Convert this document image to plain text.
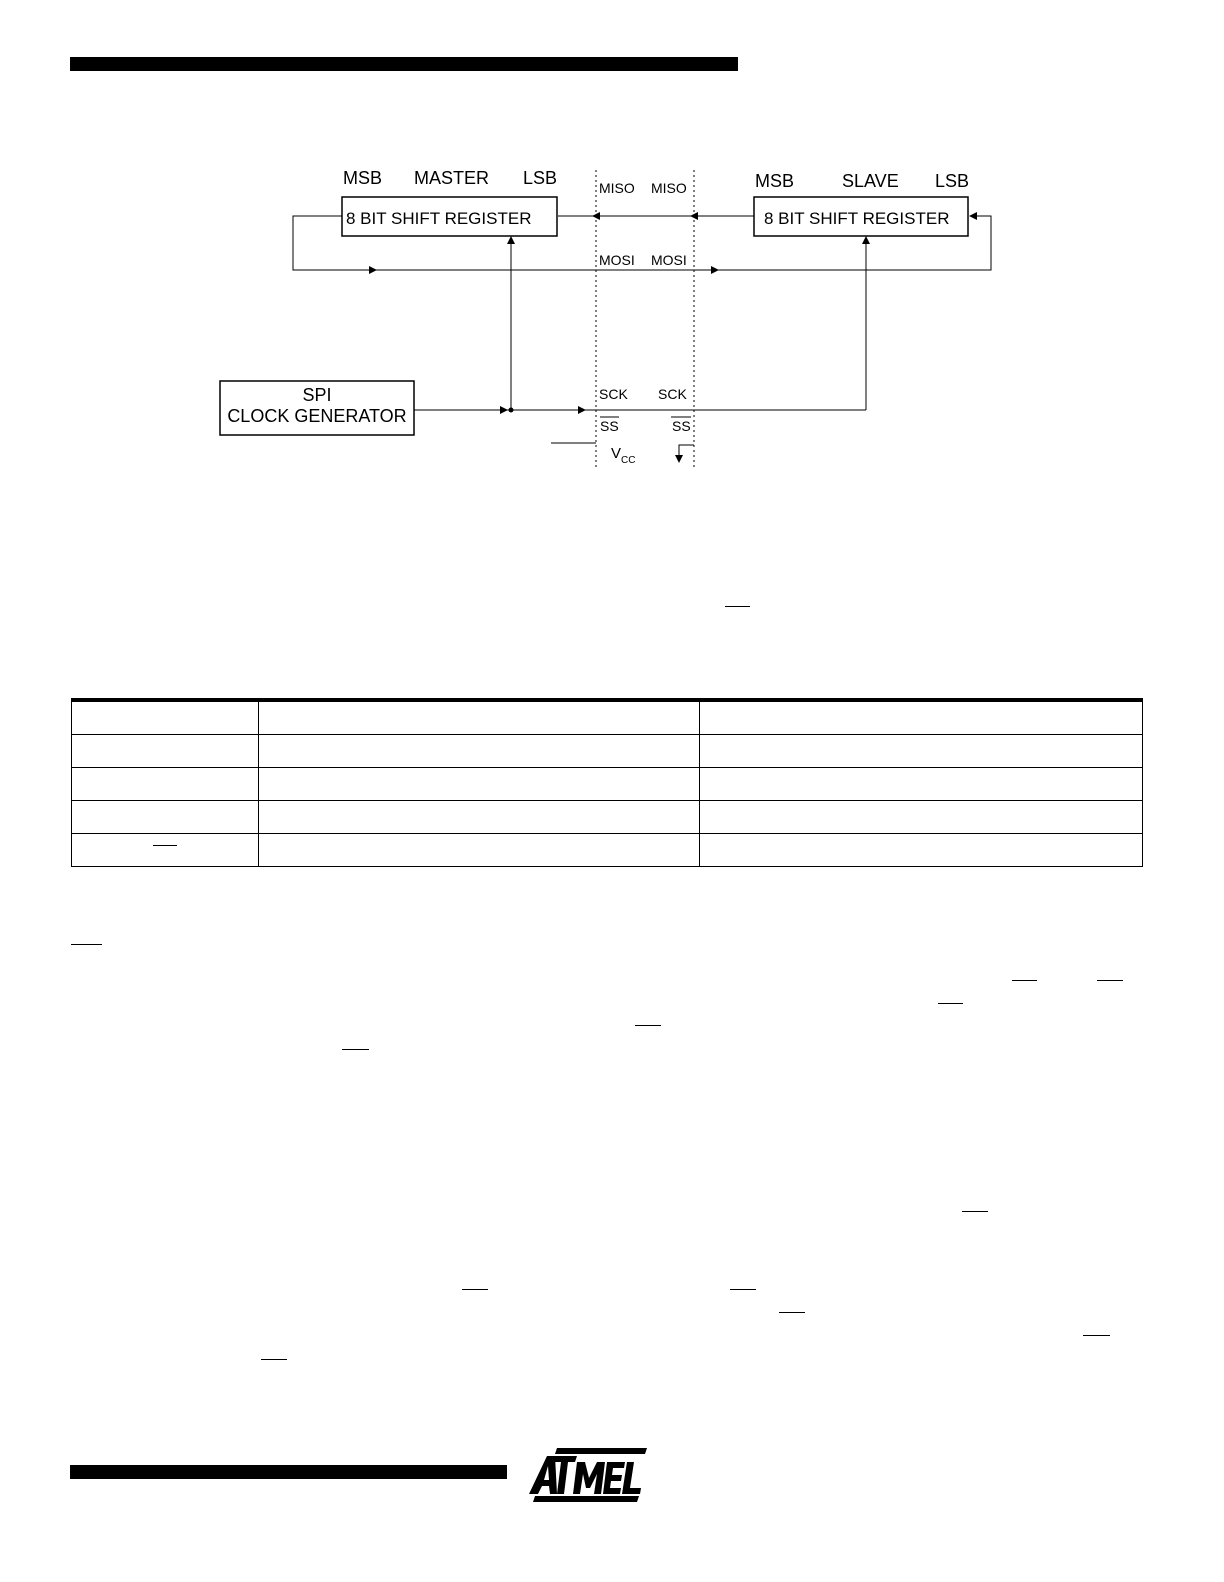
MSB MASTER LSB
8 BIT SHIFT REGISTER
MSB	SLAVE LSB
8 BIT SHIFT REGISTER
MISO MISO
MOSI MOSI
SCK SCK
SS	SS
$V_{CC}$
SPI
CLOCK GENERATOR

ATMEL
